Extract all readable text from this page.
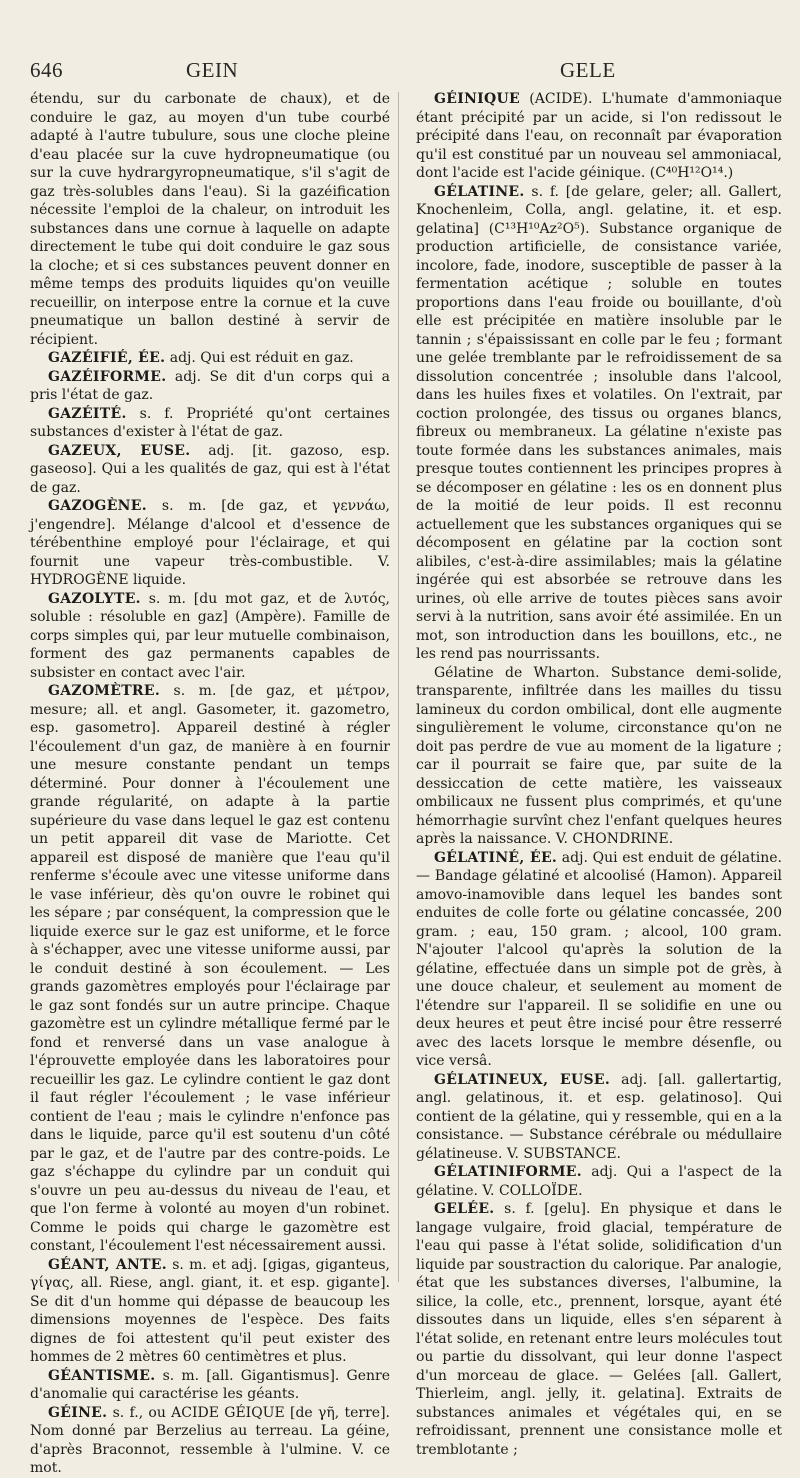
646	GEIN	GELE

étendu, sur du carbonate de chaux), et de conduire le gaz, au moyen d'un tube courbé adapté à l'autre tubulure, sous une cloche pleine d'eau placée sur la cuve hydropneumatique (ou sur la cuve hydrargyropneumatique, s'il s'agit de gaz très-solubles dans l'eau). Si la gazéification nécessite l'emploi de la chaleur, on introduit les substances dans une cornue à laquelle on adapte directement le tube qui doit conduire le gaz sous la cloche; et si ces substances peuvent donner en même temps des produits liquides qu'on veuille recueillir, on interpose entre la cornue et la cuve pneumatique un ballon destiné à servir de récipient.

GAZÉIFIÉ, ÉE. adj. Qui est réduit en gaz.

GAZÉIFORME. adj. Se dit d'un corps qui a pris l'état de gaz.

GAZÉITÉ. s. f. Propriété qu'ont certaines substances d'exister à l'état de gaz.

GAZEUX, EUSE. adj. [it. gazoso, esp. gaseoso]. Qui a les qualités de gaz, qui est à l'état de gaz.

GAZOGÈNE. s. m. [de gaz, et γεννάω, j'engendre]. Mélange d'alcool et d'essence de térébenthine employé pour l'éclairage, et qui fournit une vapeur très-combustible. V. HYDROGÈNE liquide.

GAZOLYTE. s. m. [du mot gaz, et de λυτός, soluble : résoluble en gaz] (Ampère). Famille de corps simples qui, par leur mutuelle combinaison, forment des gaz permanents capables de subsister en contact avec l'air.

GAZOMÈTRE. s. m. [de gaz, et μέτρον, mesure; all. et angl. Gasometer, it. gazometro, esp. gasometro]. Appareil destiné à régler l'écoulement d'un gaz, de manière à en fournir une mesure constante pendant un temps déterminé. Pour donner à l'écoulement une grande régularité, on adapte à la partie supérieure du vase dans lequel le gaz est contenu un petit appareil dit vase de Mariotte. Cet appareil est disposé de manière que l'eau qu'il renferme s'écoule avec une vitesse uniforme dans le vase inférieur, dès qu'on ouvre le robinet qui les sépare ; par conséquent, la compression que le liquide exerce sur le gaz est uniforme, et le force à s'échapper, avec une vitesse uniforme aussi, par le conduit destiné à son écoulement. — Les grands gazomètres employés pour l'éclairage par le gaz sont fondés sur un autre principe. Chaque gazomètre est un cylindre métallique fermé par le fond et renversé dans un vase analogue à l'éprouvette employée dans les laboratoires pour recueillir les gaz. Le cylindre contient le gaz dont il faut régler l'écoulement ; le vase inférieur contient de l'eau ; mais le cylindre n'enfonce pas dans le liquide, parce qu'il est soutenu d'un côté par le gaz, et de l'autre par des contre-poids. Le gaz s'échappe du cylindre par un conduit qui s'ouvre un peu au-dessus du niveau de l'eau, et que l'on ferme à volonté au moyen d'un robinet. Comme le poids qui charge le gazomètre est constant, l'écoulement l'est nécessairement aussi.

GÉANT, ANTE. s. m. et adj. [gigas, giganteus, γίγας, all. Riese, angl. giant, it. et esp. gigante]. Se dit d'un homme qui dépasse de beaucoup les dimensions moyennes de l'espèce. Des faits dignes de foi attestent qu'il peut exister des hommes de 2 mètres 60 centimètres et plus.

GÉANTISME. s. m. [all. Gigantismus]. Genre d'anomalie qui caractérise les géants.

GÉINE. s. f., ou ACIDE GÉIQUE [de γῆ, terre]. Nom donné par Berzelius au terreau. La géine, d'après Braconnot, ressemble à l'ulmine. V. ce mot.

GÉINIQUE (ACIDE). L'humate d'ammoniaque étant précipité par un acide, si l'on redissout le précipité dans l'eau, on reconnaît par évaporation qu'il est constitué par un nouveau sel ammoniacal, dont l'acide est l'acide géinique. (C⁴⁰H¹²O¹⁴.)

GÉLATINE. s. f. [de gelare, geler; all. Gallert, Knochenleim, Colla, angl. gelatine, it. et esp. gelatina] (C¹³H¹⁰Az²O⁵). Substance organique de production artificielle, de consistance variée, incolore, fade, inodore, susceptible de passer à la fermentation acétique ; soluble en toutes proportions dans l'eau froide ou bouillante, d'où elle est précipitée en matière insoluble par le tannin ; s'épaississant en colle par le feu ; formant une gelée tremblante par le refroidissement de sa dissolution concentrée ; insoluble dans l'alcool, dans les huiles fixes et volatiles. On l'extrait, par coction prolongée, des tissus ou organes blancs, fibreux ou membraneux. La gélatine n'existe pas toute formée dans les substances animales, mais presque toutes contiennent les principes propres à se décomposer en gélatine : les os en donnent plus de la moitié de leur poids. Il est reconnu actuellement que les substances organiques qui se décomposent en gélatine par la coction sont alibiles, c'est-à-dire assimilables; mais la gélatine ingérée qui est absorbée se retrouve dans les urines, où elle arrive de toutes pièces sans avoir servi à la nutrition, sans avoir été assimilée. En un mot, son introduction dans les bouillons, etc., ne les rend pas nourrissants.

Gélatine de Wharton. Substance demi-solide, transparente, infiltrée dans les mailles du tissu lamineux du cordon ombilical, dont elle augmente singulièrement le volume, circonstance qu'on ne doit pas perdre de vue au moment de la ligature ; car il pourrait se faire que, par suite de la dessiccation de cette matière, les vaisseaux ombilicaux ne fussent plus comprimés, et qu'une hémorrhagie survînt chez l'enfant quelques heures après la naissance. V. CHONDRINE.

GÉLATINÉ, ÉE. adj. Qui est enduit de gélatine. — Bandage gélatiné et alcoolisé (Hamon). Appareil amovo-inamovible dans lequel les bandes sont enduites de colle forte ou gélatine concassée, 200 gram. ; eau, 150 gram. ; alcool, 100 gram. N'ajouter l'alcool qu'après la solution de la gélatine, effectuée dans un simple pot de grès, à une douce chaleur, et seulement au moment de l'étendre sur l'appareil. Il se solidifie en une ou deux heures et peut être incisé pour être resserré avec des lacets lorsque le membre désenfle, ou vice versâ.

GÉLATINEUX, EUSE. adj. [all. gallertartig, angl. gelatinous, it. et esp. gelatinoso]. Qui contient de la gélatine, qui y ressemble, qui en a la consistance. — Substance cérébrale ou médullaire gélatineuse. V. SUBSTANCE.

GÉLATINIFORME. adj. Qui a l'aspect de la gélatine. V. COLLOÏDE.

GELÉE. s. f. [gelu]. En physique et dans le langage vulgaire, froid glacial, température de l'eau qui passe à l'état solide, solidification d'un liquide par soustraction du calorique. Par analogie, état que les substances diverses, l'albumine, la silice, la colle, etc., prennent, lorsque, ayant été dissoutes dans un liquide, elles s'en séparent à l'état solide, en retenant entre leurs molécules tout ou partie du dissolvant, qui leur donne l'aspect d'un morceau de glace. — Gelées [all. Gallert, Thierleim, angl. jelly, it. gelatina]. Extraits de substances animales et végétales qui, en se refroidissant, prennent une consistance molle et tremblotante ;
